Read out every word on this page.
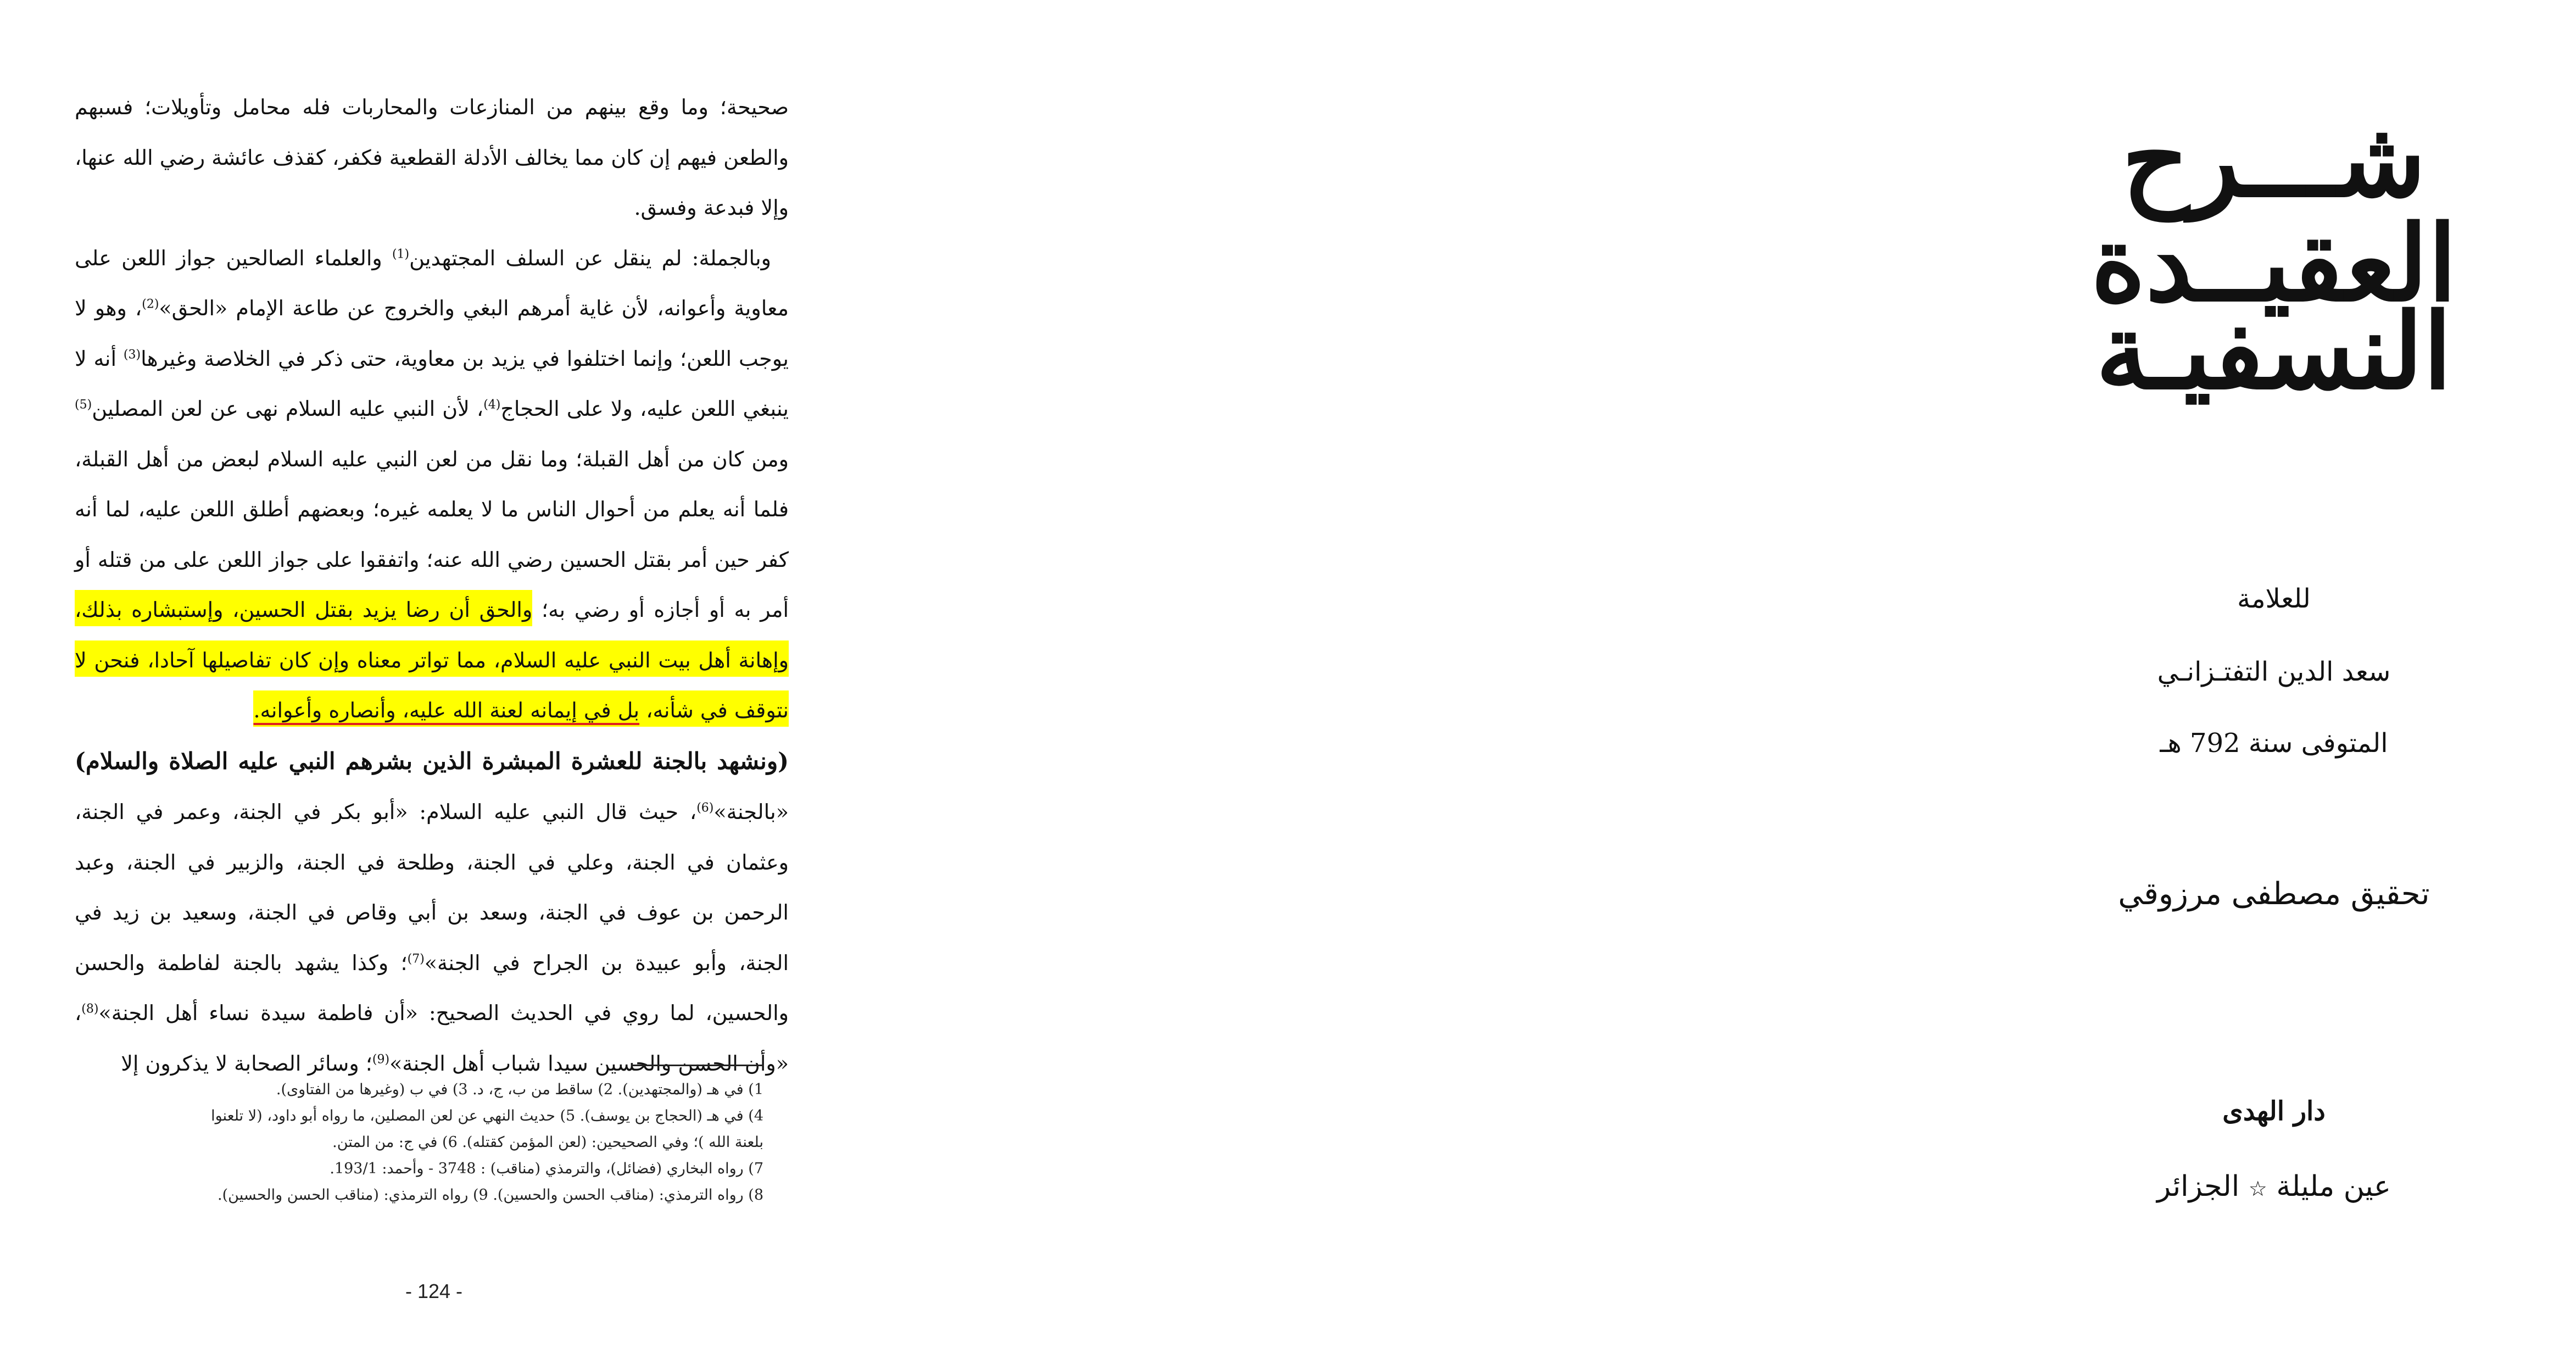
صحيحة؛ وما وقع بينهم من المنازعات والمحاربات فله محامل وتأويلات؛ فسبهم والطعن فيهم إن كان مما يخالف الأدلة القطعية فكفر، كقذف عائشة رضي الله عنها، وإلا فبدعة وفسق.

وبالجملة: لم ينقل عن السلف المجتهدين$^{(1)}$ والعلماء الصالحين جواز اللعن على معاوية وأعوانه، لأن غاية أمرهم البغي والخروج عن طاعة الإمام «الحق»$^{(2)}$، وهو لا يوجب اللعن؛ وإنما اختلفوا في يزيد بن معاوية، حتى ذكر في الخلاصة وغيرها$^{(3)}$ أنه لا ينبغي اللعن عليه، ولا على الحجاج$^{(4)}$، لأن النبي عليه السلام نهى عن لعن المصلين$^{(5)}$ ومن كان من أهل القبلة؛ وما نقل من لعن النبي عليه السلام لبعض من أهل القبلة، فلما أنه يعلم من أحوال الناس ما لا يعلمه غيره؛ وبعضهم أطلق اللعن عليه، لما أنه كفر حين أمر بقتل الحسين رضي الله عنه؛ واتفقوا على جواز اللعن على من قتله أو أمر به أو أجازه أو رضي به؛ والحق أن رضا يزيد بقتل الحسين، وإستبشاره بذلك، وإهانة أهل بيت النبي عليه السلام، مما تواتر معناه وإن كان تفاصيلها آحادا، فنحن لا نتوقف في شأنه، بل في إيمانه لعنة الله عليه، وأنصاره وأعوانه.

(ونشهد بالجنة للعشرة المبشرة الذين بشرهم النبي عليه الصلاة والسلام) «بالجنة»$^{(6)}$، حيث قال النبي عليه السلام: «أبو بكر في الجنة، وعمر في الجنة، وعثمان في الجنة، وعلي في الجنة، وطلحة في الجنة، والزبير في الجنة، وعبد الرحمن بن عوف في الجنة، وسعد بن أبي وقاص في الجنة، وسعيد بن زيد في الجنة، وأبو عبيدة بن الجراح في الجنة»$^{(7)}$؛ وكذا يشهد بالجنة لفاطمة والحسن والحسين، لما روي في الحديث الصحيح: «أن فاطمة سيدة نساء أهل الجنة»$^{(8)}$، «وأن الحسن والحسين سيدا شباب أهل الجنة»$^{(9)}$؛ وسائر الصحابة لا يذكرون إلا

1) في هـ (والمجتهدين). 2) ساقط من ب، ج، د. 3) في ب (وغيرها من الفتاوى).

4) في هـ (الحجاج بن يوسف). 5) حديث النهي عن لعن المصلين، ما رواه أبو داود، (لا تلعنوا

بلعنة الله )؛ وفي الصحيحين: (لعن المؤمن كقتله). 6) في ج: من المتن.

7) رواه البخاري (فضائل)، والترمذي (مناقب) : 3748 - وأحمد: 193/1.

8) رواه الترمذي: (مناقب الحسن والحسين). 9) رواه الترمذي: (مناقب الحسن والحسين).

- 124 -
شـــرح العقيــدة
النسفيـة
للعلامة
سعد الدين التفتـزانـي
المتوفى سنة 792 هـ
تحقيق مصطفى مرزوقي
دار الهدى
عين مليلة ☆ الجزائر
